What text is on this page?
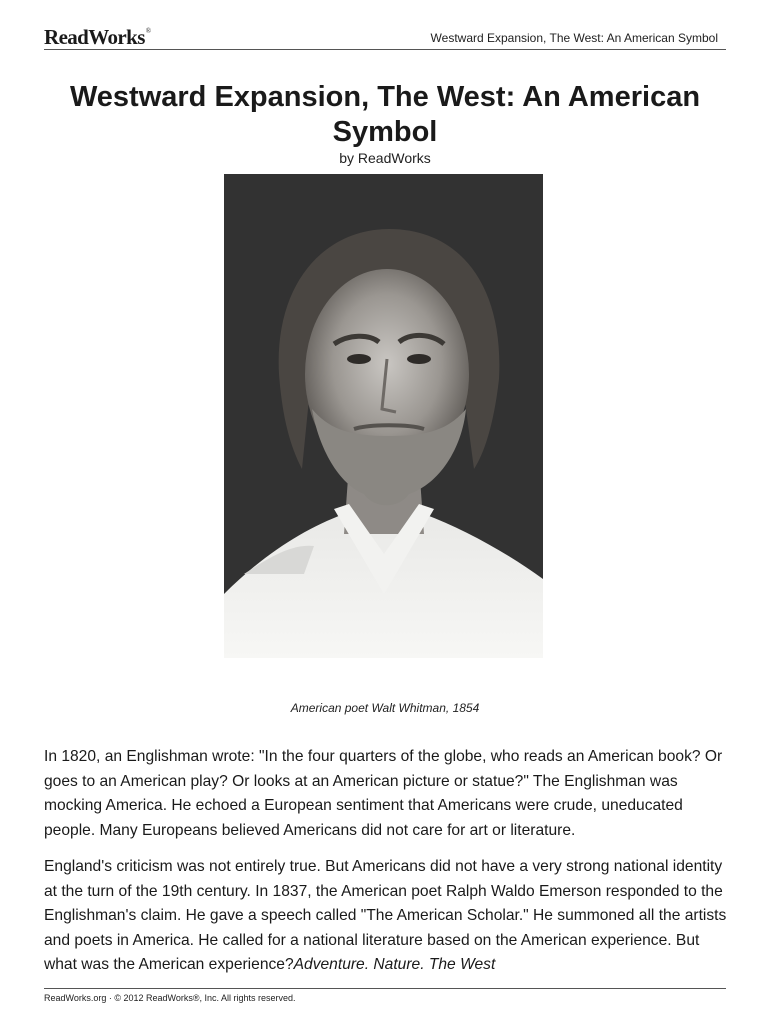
ReadWorks®	Westward Expansion, The West: An American Symbol
Westward Expansion, The West: An American Symbol
by ReadWorks
American poet Walt Whitman, 1854

In 1820, an Englishman wrote: "In the four quarters of the globe, who reads an American book? Or goes to an American play? Or looks at an American picture or statue?" The Englishman was mocking America. He echoed a European sentiment that Americans were crude, uneducated people. Many Europeans believed Americans did not care for art or literature.

England's criticism was not entirely true. But Americans did not have a very strong national identity at the turn of the 19th century. In 1837, the American poet Ralph Waldo Emerson responded to the Englishman's claim. He gave a speech called "The American Scholar." He summoned all the artists and poets in America. He called for a national literature based on the American experience. But what was the American experience?Adventure. Nature. The West

ReadWorks.org · © 2012 ReadWorks®, Inc. All rights reserved.
